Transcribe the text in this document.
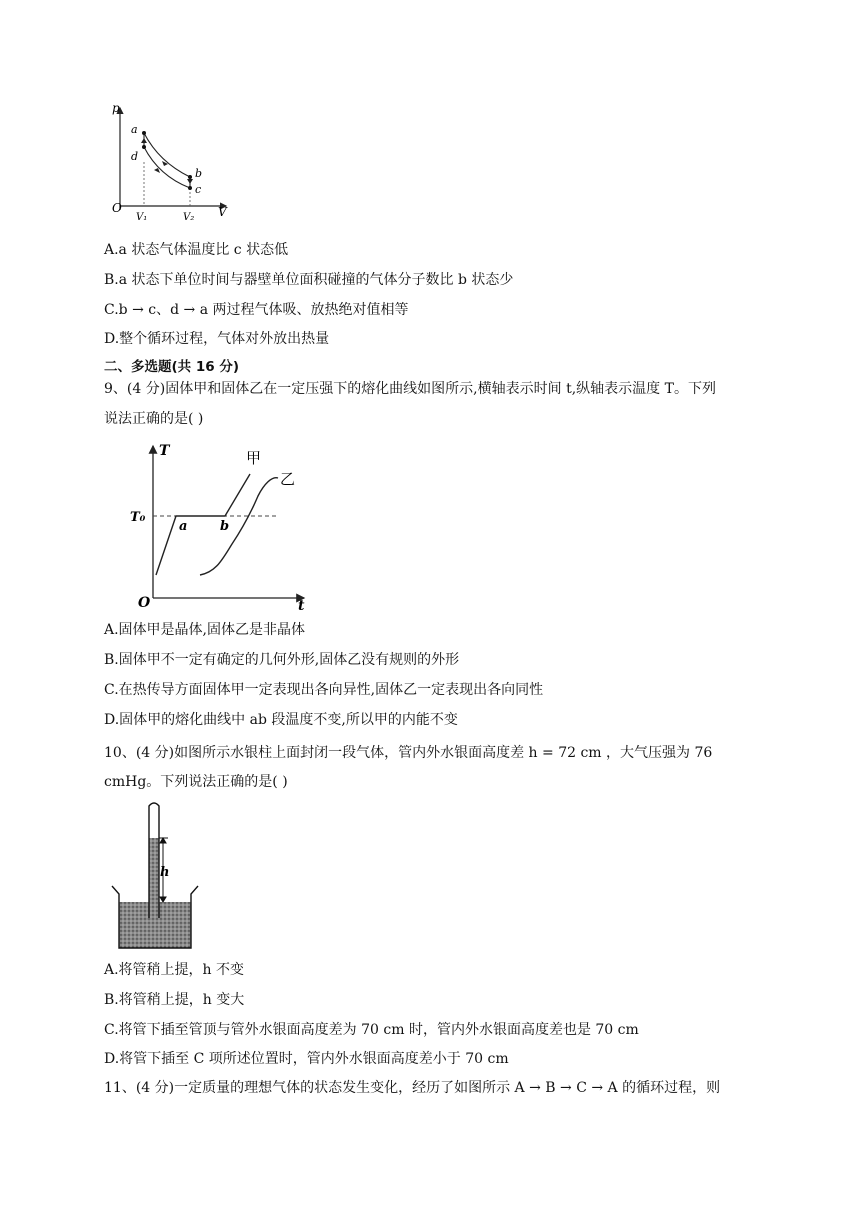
p
V
O
V₁	V₂
a
d
b
c
A.a 状态气体温度比 c 状态低
B.a 状态下单位时间与器壁单位面积碰撞的气体分子数比 b 状态少
C.b → c、d → a 两过程气体吸、放热绝对值相等
D.整个循环过程，气体对外放出热量
二、多选题(共 16 分)
9、(4 分)固体甲和固体乙在一定压强下的熔化曲线如图所示,横轴表示时间 t,纵轴表示温度 T。下列
说法正确的是( )
T
t
O
T₀
a	b
甲
乙
A.固体甲是晶体,固体乙是非晶体
B.固体甲不一定有确定的几何外形,固体乙没有规则的外形
C.在热传导方面固体甲一定表现出各向异性,固体乙一定表现出各向同性
D.固体甲的熔化曲线中 ab 段温度不变,所以甲的内能不变
10、(4 分)如图所示水银柱上面封闭一段气体，管内外水银面高度差 h = 72 cm ，大气压强为 76
cmHg。下列说法正确的是( )
h
A.将管稍上提，h 不变
B.将管稍上提，h 变大
C.将管下插至管顶与管外水银面高度差为 70 cm 时，管内外水银面高度差也是 70 cm
D.将管下插至 C 项所述位置时，管内外水银面高度差小于 70 cm
11、(4 分)一定质量的理想气体的状态发生变化，经历了如图所示 A → B → C → A 的循环过程，则
